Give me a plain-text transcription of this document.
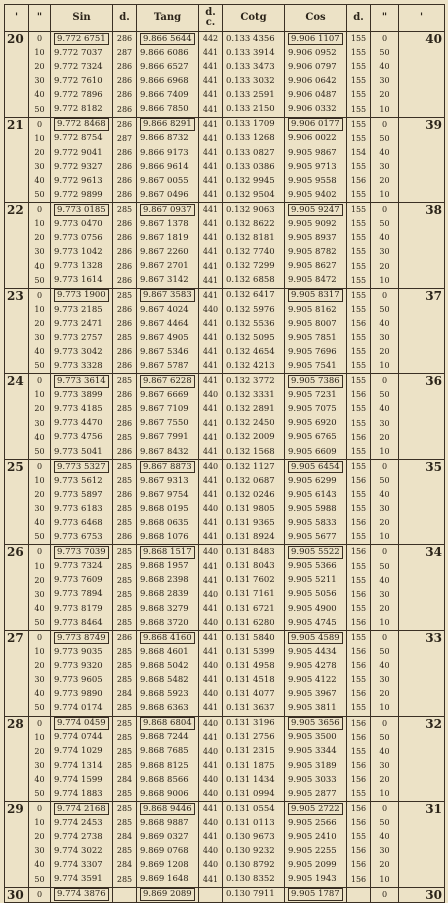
'	"	Sin	d.	Tang	d. c.	Cotg	Cos	d.	"	'
20	0	9.772 6751	286	9.866 5644	442	0.133 4356	9.906 1107	155	0	40
	10	9.772 7037	287	9.866 6086	441	0.133 3914	9.906 0952	155	50	
	20	9.772 7324	286	9.866 6527	441	0.133 3473	9.906 0797	155	40	
	30	9.772 7610	286	9.866 6968	441	0.133 3032	9.906 0642	155	30	
	40	9.772 7896	286	9.866 7409	441	0.133 2591	9.906 0487	155	20	
	50	9.772 8182	286	9.866 7850	441	0.133 2150	9.906 0332	155	10	
21	0	9.772 8468	286	9.866 8291	441	0.133 1709	9.906 0177	155	0	39
	10	9.772 8754	287	9.866 8732	441	0.133 1268	9.906 0022	155	50	
	20	9.772 9041	286	9.866 9173	441	0.133 0827	9.905 9867	154	40	
	30	9.772 9327	286	9.866 9614	441	0.133 0386	9.905 9713	155	30	
	40	9.772 9613	286	9.867 0055	441	0.132 9945	9.905 9558	156	20	
	50	9.772 9899	286	9.867 0496	441	0.132 9504	9.905 9402	155	10	
22	0	9.773 0185	285	9.867 0937	441	0.132 9063	9.905 9247	155	0	38
	10	9.773 0470	286	9.867 1378	441	0.132 8622	9.905 9092	155	50	
	20	9.773 0756	286	9.867 1819	441	0.132 8181	9.905 8937	155	40	
	30	9.773 1042	286	9.867 2260	441	0.132 7740	9.905 8782	155	30	
	40	9.773 1328	286	9.867 2701	441	0.132 7299	9.905 8627	155	20	
	50	9.773 1614	286	9.867 3142	441	0.132 6858	9.905 8472	155	10	
23	0	9.773 1900	285	9.867 3583	441	0.132 6417	9.905 8317	155	0	37
	10	9.773 2185	286	9.867 4024	440	0.132 5976	9.905 8162	155	50	
	20	9.773 2471	286	9.867 4464	441	0.132 5536	9.905 8007	156	40	
	30	9.773 2757	285	9.867 4905	441	0.132 5095	9.905 7851	155	30	
	40	9.773 3042	286	9.867 5346	441	0.132 4654	9.905 7696	155	20	
	50	9.773 3328	286	9.867 5787	441	0.132 4213	9.905 7541	155	10	
24	0	9.773 3614	285	9.867 6228	441	0.132 3772	9.905 7386	155	0	36
	10	9.773 3899	286	9.867 6669	440	0.132 3331	9.905 7231	156	50	
	20	9.773 4185	285	9.867 7109	441	0.132 2891	9.905 7075	155	40	
	30	9.773 4470	286	9.867 7550	441	0.132 2450	9.905 6920	155	30	
	40	9.773 4756	285	9.867 7991	441	0.132 2009	9.905 6765	156	20	
	50	9.773 5041	286	9.867 8432	441	0.132 1568	9.905 6609	155	10	
25	0	9.773 5327	285	9.867 8873	440	0.132 1127	9.905 6454	155	0	35
	10	9.773 5612	285	9.867 9313	441	0.132 0687	9.905 6299	156	50	
	20	9.773 5897	286	9.867 9754	441	0.132 0246	9.905 6143	155	40	
	30	9.773 6183	285	9.868 0195	440	0.131 9805	9.905 5988	155	30	
	40	9.773 6468	285	9.868 0635	441	0.131 9365	9.905 5833	156	20	
	50	9.773 6753	286	9.868 1076	441	0.131 8924	9.905 5677	155	10	
26	0	9.773 7039	285	9.868 1517	440	0.131 8483	9.905 5522	156	0	34
	10	9.773 7324	285	9.868 1957	441	0.131 8043	9.905 5366	155	50	
	20	9.773 7609	285	9.868 2398	441	0.131 7602	9.905 5211	155	40	
	30	9.773 7894	285	9.868 2839	440	0.131 7161	9.905 5056	156	30	
	40	9.773 8179	285	9.868 3279	441	0.131 6721	9.905 4900	155	20	
	50	9.773 8464	285	9.868 3720	440	0.131 6280	9.905 4745	156	10	
27	0	9.773 8749	286	9.868 4160	441	0.131 5840	9.905 4589	155	0	33
	10	9.773 9035	285	9.868 4601	441	0.131 5399	9.905 4434	156	50	
	20	9.773 9320	285	9.868 5042	440	0.131 4958	9.905 4278	156	40	
	30	9.773 9605	285	9.868 5482	441	0.131 4518	9.905 4122	155	30	
	40	9.773 9890	284	9.868 5923	440	0.131 4077	9.905 3967	156	20	
	50	9.774 0174	285	9.868 6363	441	0.131 3637	9.905 3811	155	10	
28	0	9.774 0459	285	9.868 6804	440	0.131 3196	9.905 3656	156	0	32
	10	9.774 0744	285	9.868 7244	441	0.131 2756	9.905 3500	156	50	
	20	9.774 1029	285	9.868 7685	440	0.131 2315	9.905 3344	155	40	
	30	9.774 1314	285	9.868 8125	441	0.131 1875	9.905 3189	156	30	
	40	9.774 1599	284	9.868 8566	440	0.131 1434	9.905 3033	156	20	
	50	9.774 1883	285	9.868 9006	440	0.131 0994	9.905 2877	155	10	
29	0	9.774 2168	285	9.868 9446	441	0.131 0554	9.905 2722	156	0	31
	10	9.774 2453	285	9.868 9887	440	0.131 0113	9.905 2566	156	50	
	20	9.774 2738	284	9.869 0327	441	0.130 9673	9.905 2410	155	40	
	30	9.774 3022	285	9.869 0768	440	0.130 9232	9.905 2255	156	30	
	40	9.774 3307	284	9.869 1208	440	0.130 8792	9.905 2099	156	20	
	50	9.774 3591	285	9.869 1648	441	0.130 8352	9.905 1943	156	10	
30	0	9.774 3876		9.869 2089		0.130 7911	9.905 1787		0	30
